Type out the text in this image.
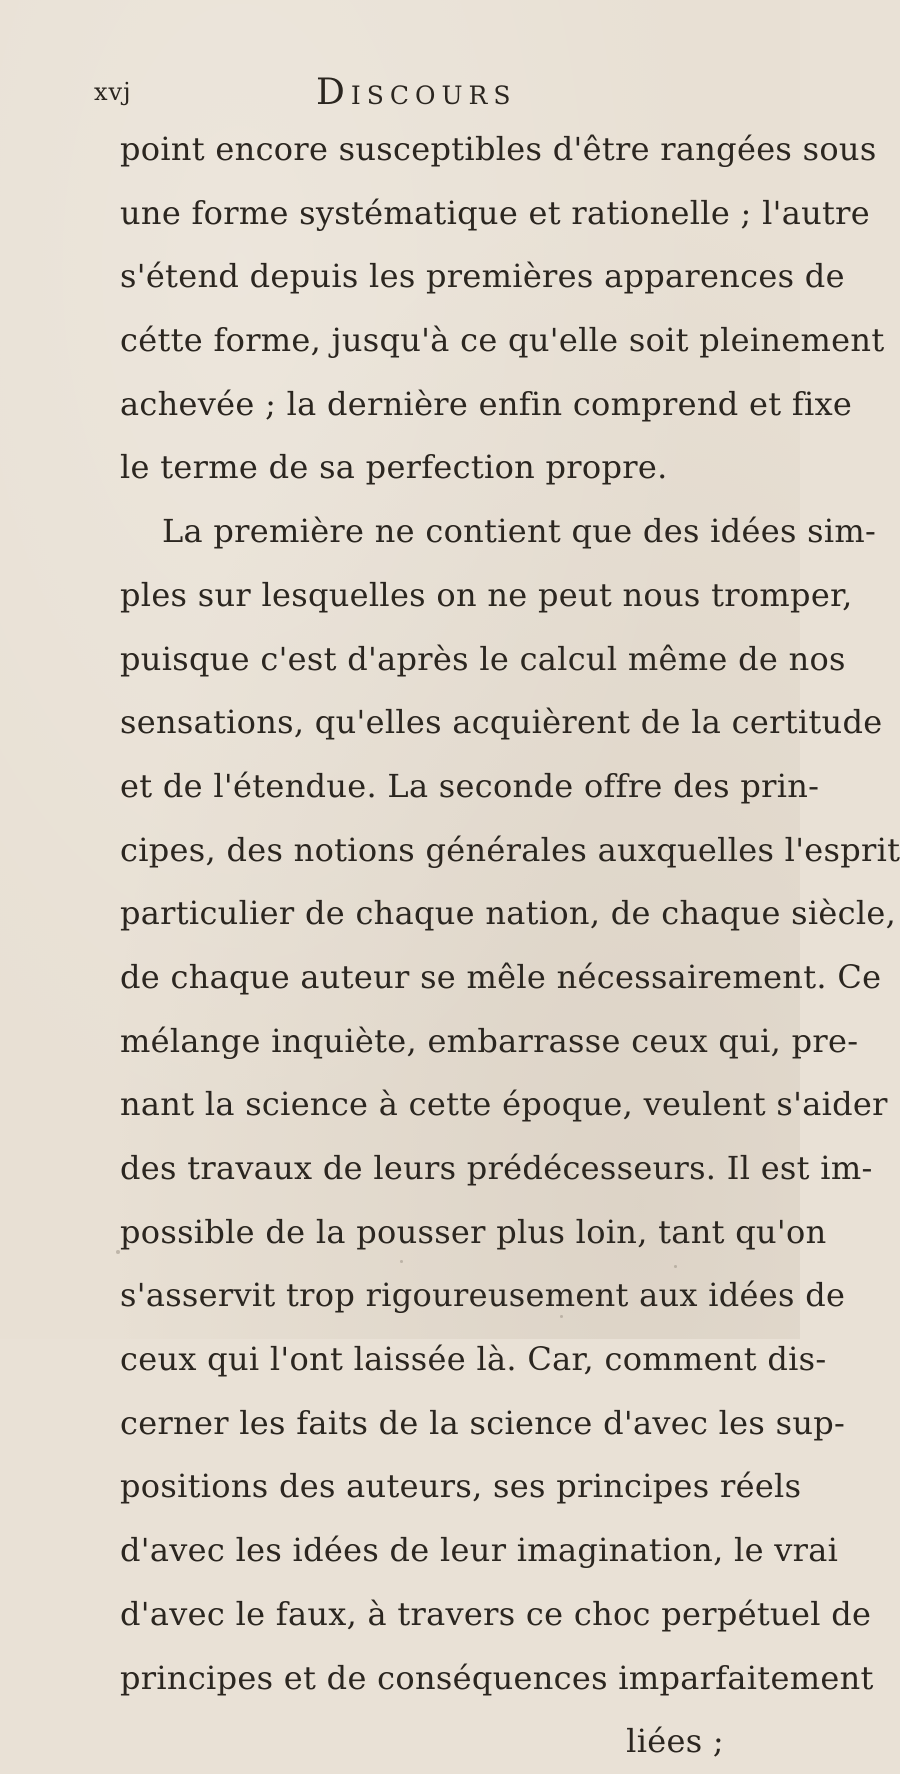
xvj	Discours
point encore susceptibles d'être rangées sous
une forme systématique et rationelle ; l'autre
s'étend depuis les premières apparences de
cétte forme, jusqu'à ce qu'elle soit pleinement
achevée ; la dernière enfin comprend et fixe
le terme de sa perfection propre.
La première ne contient que des idées sim-
ples sur lesquelles on ne peut nous tromper,
puisque c'est d'après le calcul même de nos
sensations, qu'elles acquièrent de la certitude
et de l'étendue. La seconde offre des prin-
cipes, des notions générales auxquelles l'esprit
particulier de chaque nation, de chaque siècle,
de chaque auteur se mêle nécessairement. Ce
mélange inquiète, embarrasse ceux qui, pre-
nant la science à cette époque, veulent s'aider
des travaux de leurs prédécesseurs. Il est im-
possible de la pousser plus loin, tant qu'on
s'asservit trop rigoureusement aux idées de
ceux qui l'ont laissée là. Car, comment dis-
cerner les faits de la science d'avec les sup-
positions des auteurs, ses principes réels
d'avec les idées de leur imagination, le vrai
d'avec le faux, à travers ce choc perpétuel de
principes et de conséquences imparfaitement
liées ;
